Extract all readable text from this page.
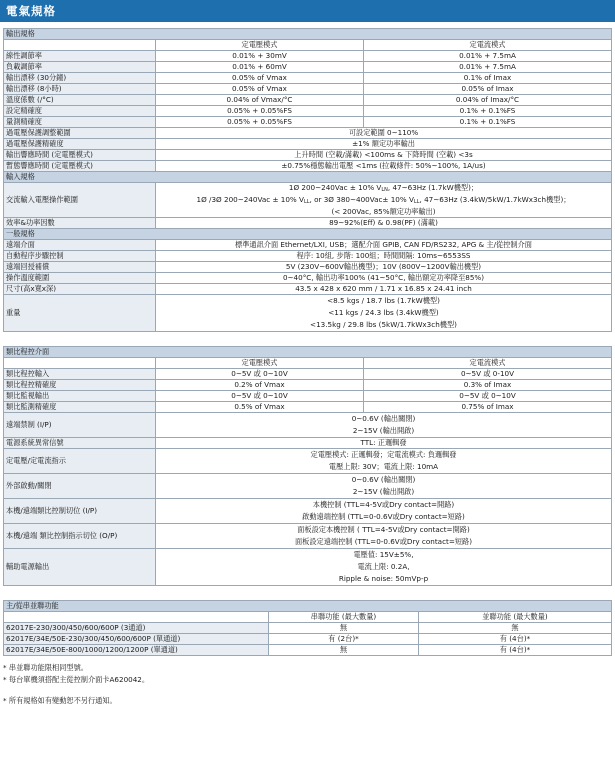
電氣規格
輸出規格		
	定電壓模式	定電流模式
線性調節率	0.01% + 30mV	0.01% + 7.5mA
負載調節率	0.01% + 60mV	0.01% + 7.5mA
輸出漂移 (30分鐘)	0.05% of Vmax	0.1% of Imax
輸出漂移 (8小時)	0.05% of Vmax	0.05% of Imax
溫度係數 (/°C)	0.04% of Vmax/°C	0.04% of Imax/°C
設定精確度	0.05% + 0.05%FS	0.1% + 0.1%FS
量測精確度	0.05% + 0.05%FS	0.1% + 0.1%FS
過電壓保護調整範圍	可設定範圍 0~110%	
過電壓保護精確度	±1% 額定功率輸出	
輸出響應時間 (定電壓模式)	上升時間 (空載/滿載) <100ms & 下降時間 (空載) <3s	
暫態響應時間 (定電壓模式)	±0.75%穩態輸出電壓 <1ms (拉載條件: 50%~100%, 1A/us)	
輸入規格		
交流輸入電壓操作範圍	1Ø 200~240Vac ± 10% $V_{LN}$, 47~63Hz (1.7kW機型)；
1Ø /3Ø 200~240Vac ± 10% $V_{LL}$, or 3Ø 380~400Vac± 10% $V_{LL}$, 47~63Hz (3.4kW/5kW/1.7kWx3ch機型)；
(< 200Vac, 85%額定功率輸出)	

效率&功率因數	89~92%(Eff) & 0.98(PF) (滿載)	
一般規格		
遠端介面	標準通訊介面 Ethernet/LXI, USB；選配介面 GPIB, CAN FD/RS232, APG & 主/從控制介面	
自動程序步驟控制	程序: 10組, 步階: 100組；時間間隔: 10ms~6553SS	
遠端回授補償	5V (230V~600V輸出機型)；10V (800V~1200V輸出機型)	
操作溫度範圍	0~40°C, 輸出功率100% (41~50°C, 輸出額定功率降至85%)	
尺寸(高x寬x深)	43.5 x 428 x 620 mm / 1.71 x 16.85 x 24.41 inch	
重量	<8.5 kgs / 18.7 lbs (1.7kW機型)
<11 kgs / 24.3 lbs (3.4kW機型)
<13.5kg / 29.8 lbs (5kW/1.7kWx3ch機型)	
類比程控介面		
	定電壓模式	定電流模式
類比程控輸入	0~5V 或 0~10V	0~5V 或 0-10V
類比程控精確度	0.2% of Vmax	0.3% of Imax
類比監視輸出	0~5V 或 0~10V	0~5V 或 0~10V
類比監測精確度	0.5% of Vmax	0.75% of Imax
遠端禁制 (I/P)	0~0.6V (輸出關閉)
2~15V (輸出開啟)	

電源系統異常信號	TTL: 正邏輯發	
定電壓/定電流指示	定電壓模式: 正邏輯發；定電流模式: 負邏輯發
電壓上限: 30V；電流上限: 10mA	

外部啟動/關閉	0~0.6V (輸出關閉)
2~15V (輸出開啟)	

本機/遠端類比控制切位 (I/P)	本機控制 (TTL=4-5V或Dry contact=開路)
啟動遠端控制 (TTL=0-0.6V或Dry contact=短路)	

本機/遠端 類比控制指示切位 (O/P)	面板設定本機控制 ( TTL=4-5V或Dry contact=開路)
面板設定遠端控制 (TTL=0-0.6V或Dry contact=短路)	

輔助電源輸出	電壓值: 15V±5%,
電流上限: 0.2A,
Ripple & noise: 50mVp-p	
主/從串並聯功能		
	串聯功能 (最大數量)	並聯功能 (最大數量)
62017E-230/300/450/600/600P (3通道)	無	無
62017E/34E/50E-230/300/450/600/600P (單通道)	有 (2台)*	有 (4台)*
62017E/34E/50E-800/1000/1200/1200P (單通道)	無	有 (4台)*
* 串並聯功能限相同型號。
* 每台單機須搭配主從控制介面卡A620042。
* 所有規格如有變動恕不另行通知。
